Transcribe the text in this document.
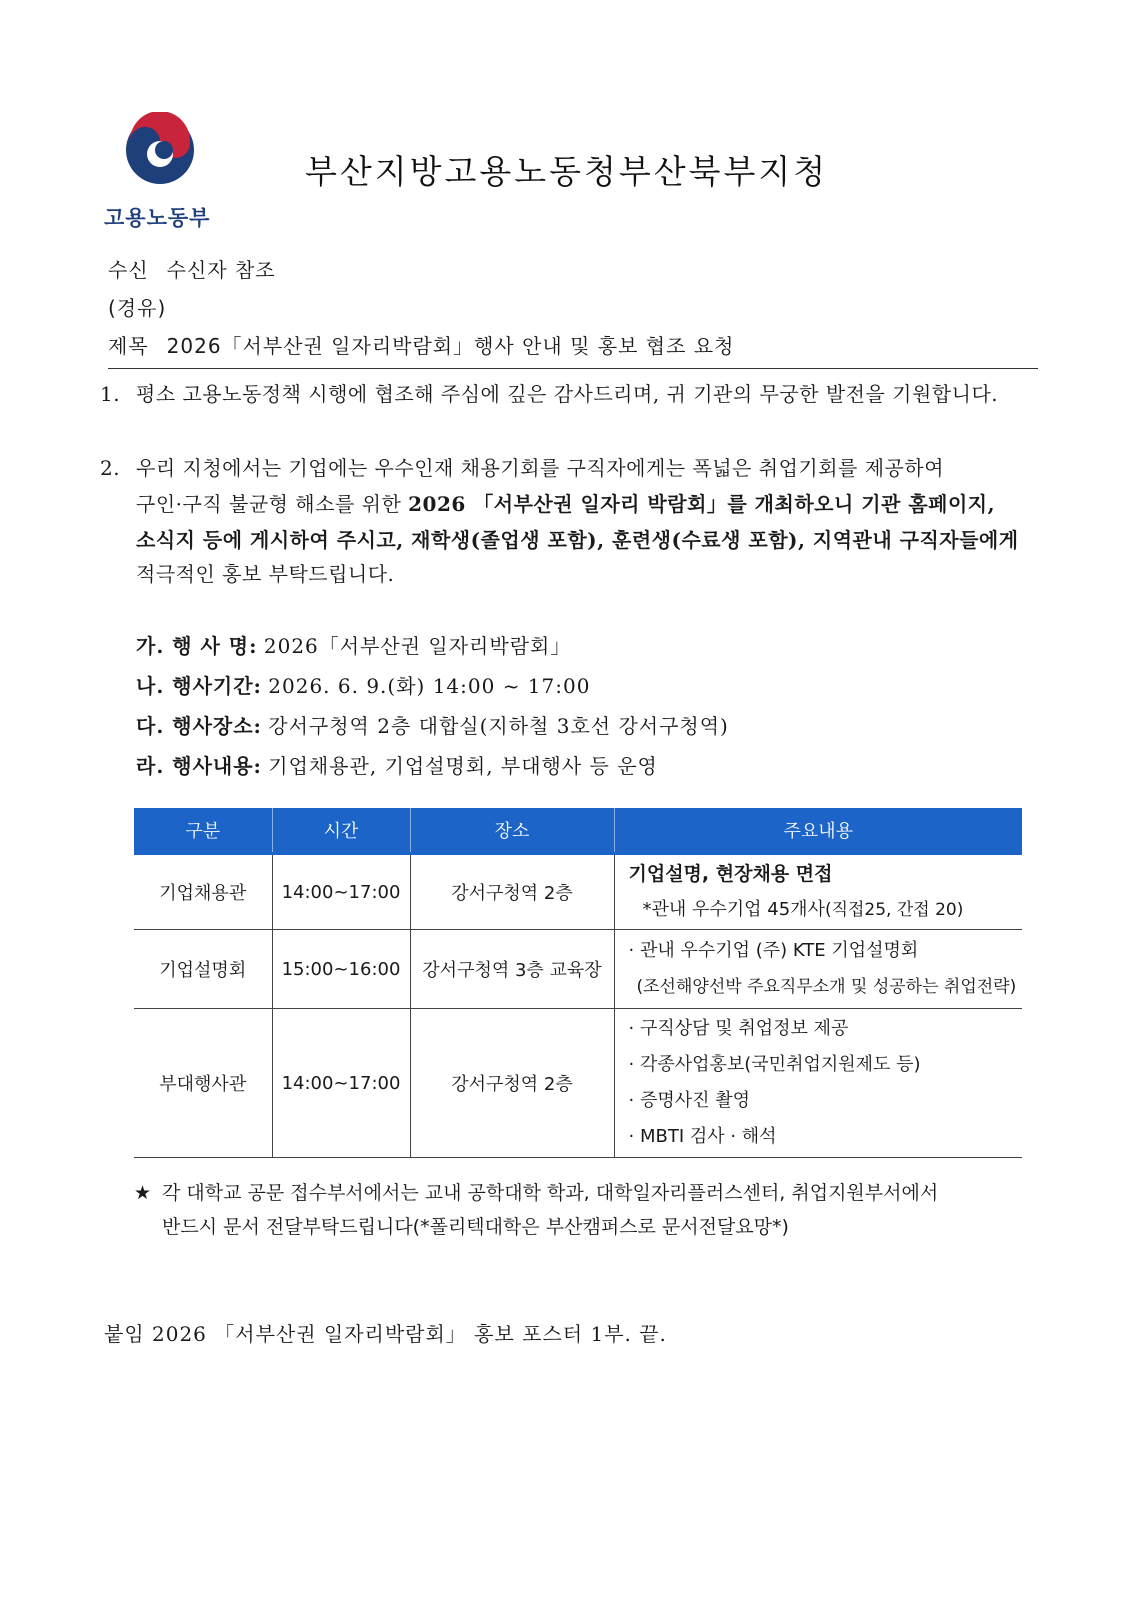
고용노동부
부산지방고용노동청부산북부지청
수신 수신자 참조
(경유)
제목 2026「서부산권 일자리박람회」행사 안내 및 홍보 협조 요청
1. 평소 고용노동정책 시행에 협조해 주심에 깊은 감사드리며, 귀 기관의 무궁한 발전을 기원합니다.
2. 우리 지청에서는 기업에는 우수인재 채용기회를 구직자에게는 폭넓은 취업기회를 제공하여
구인·구직 불균형 해소를 위한 2026 「서부산권 일자리 박람회」를 개최하오니 기관 홈페이지,
소식지 등에 게시하여 주시고, 재학생(졸업생 포함), 훈련생(수료생 포함), 지역관내 구직자들에게
적극적인 홍보 부탁드립니다.
가. 행 사 명: 2026「서부산권 일자리박람회」
나. 행사기간: 2026. 6. 9.(화) 14:00 ~ 17:00
다. 행사장소: 강서구청역 2층 대합실(지하철 3호선 강서구청역)
라. 행사내용: 기업채용관, 기업설명회, 부대행사 등 운영
구분	시간	장소	주요내용
기업채용관	14:00~17:00	강서구청역 2층	기업설명, 현장채용 면접
*관내 우수기업 45개사(직접25, 간접 20)

기업설명회	15:00~16:00	강서구청역 3층 교육장	· 관내 우수기업 (주) KTE 기업설명회
(조선해양선박 주요직무소개 및 성공하는 취업전략)

부대행사관	14:00~17:00	강서구청역 2층	· 구직상담 및 취업정보 제공
· 각종사업홍보(국민취업지원제도 등)
· 증명사진 촬영
· MBTI 검사 · 해석
★ 각 대학교 공문 접수부서에서는 교내 공학대학 학과, 대학일자리플러스센터, 취업지원부서에서
반드시 문서 전달부탁드립니다(*폴리텍대학은 부산캠퍼스로 문서전달요망*)
붙임 2026 「서부산권 일자리박람회」 홍보 포스터 1부. 끝.
